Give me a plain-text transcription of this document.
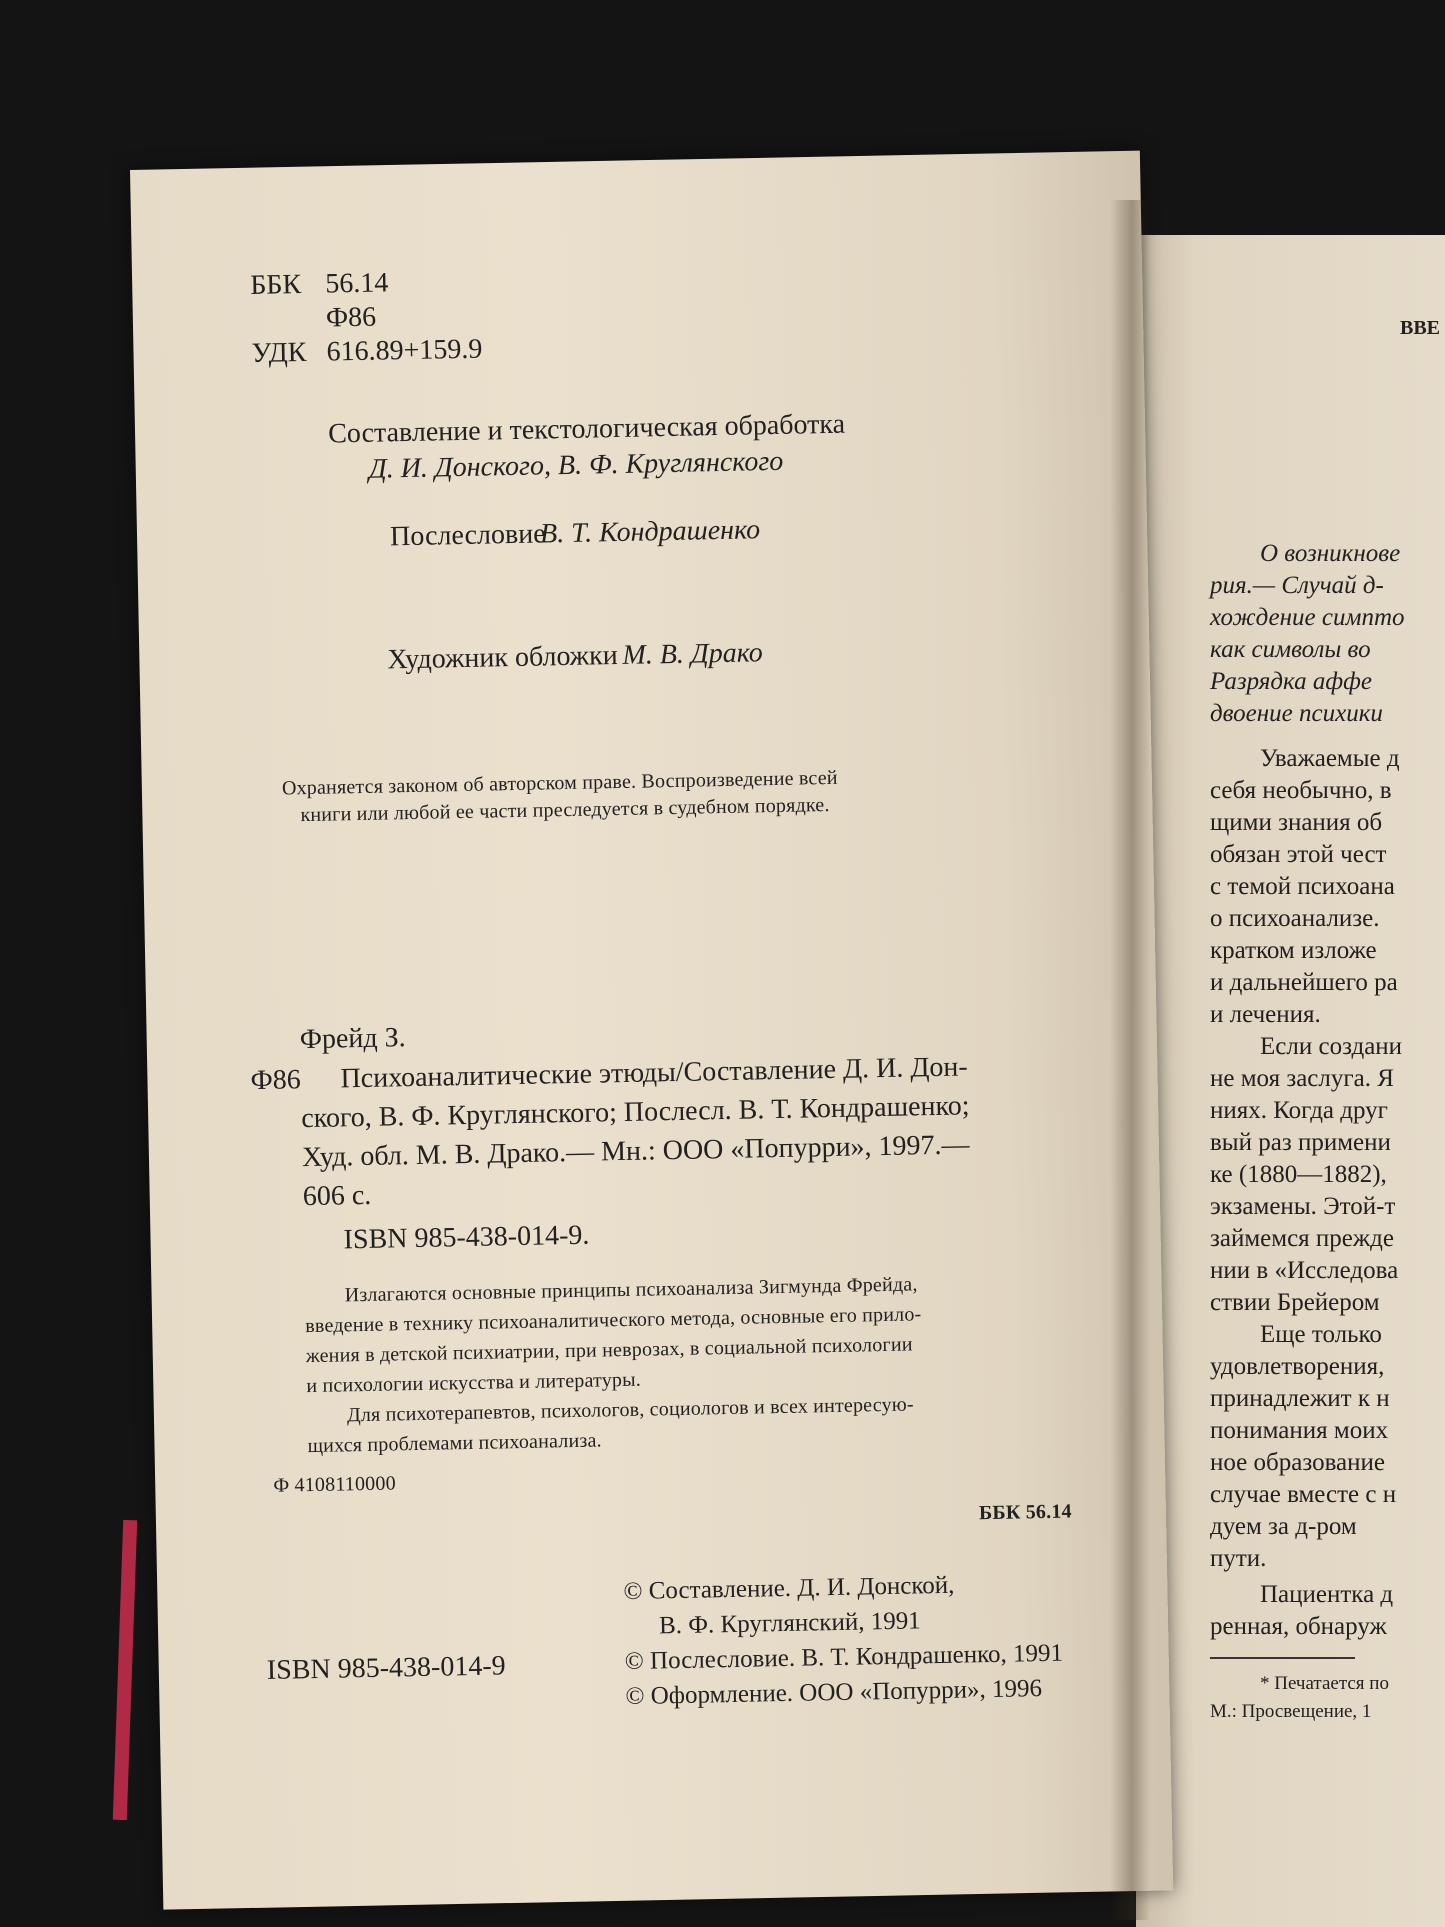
ББК 56.14
Ф86
УДК 616.89+159.9
Составление и текстологическая обработка
Д. И. Донского, В. Ф. Круглянского
Послесловие
В. Т. Кондрашенко
Художник обложки М. В. Драко
Охраняется законом об авторском праве. Воспроизведение всей
книги или любой ее части преследуется в судебном порядке.
Фрейд З.
Ф86 Психоаналитические этюды/Составление Д. И. Дон-
ского, В. Ф. Круглянского; Послесл. В. Т. Кондрашенко;
Худ. обл. М. В. Драко.— Мн.: ООО «Попурри», 1997.—
606 с.
ISBN 985-438-014-9.
Излагаются основные принципы психоанализа Зигмунда Фрейда,
введение в технику психоаналитического метода, основные его прило-
жения в детской психиатрии, при неврозах, в социальной психологии
и психологии искусства и литературы.
Для психотерапевтов, психологов, социологов и всех интересую-
щихся проблемами психоанализа.
Ф 4108110000
ББК 56.14
ISBN 985-438-014-9
© Составление. Д. И. Донской,
В. Ф. Круглянский, 1991
© Послесловие. В. Т. Кондрашенко, 1991
© Оформление. ООО «Попурри», 1996
ВВЕ
О возникнове
рия.— Случай д-
хождение симпто
как символы во
Разрядка аффе
двоение психики
Уважаемые д
себя необычно, в
щими знания об
обязан этой чест
с темой психоана
о психоанализе.
кратком изложе
и дальнейшего ра
и лечения.
Если создани
не моя заслуга. Я
ниях. Когда друг
вый раз примени
ке (1880—1882),
экзамены. Этой-т
займемся прежде
нии в «Исследова
ствии Брейером
Еще только
удовлетворения,
принадлежит к н
понимания моих
ное образование
случае вместе с н
дуем за д-ром
пути.
Пациентка д
ренная, обнаруж
* Печатается по
М.: Просвещение, 1
